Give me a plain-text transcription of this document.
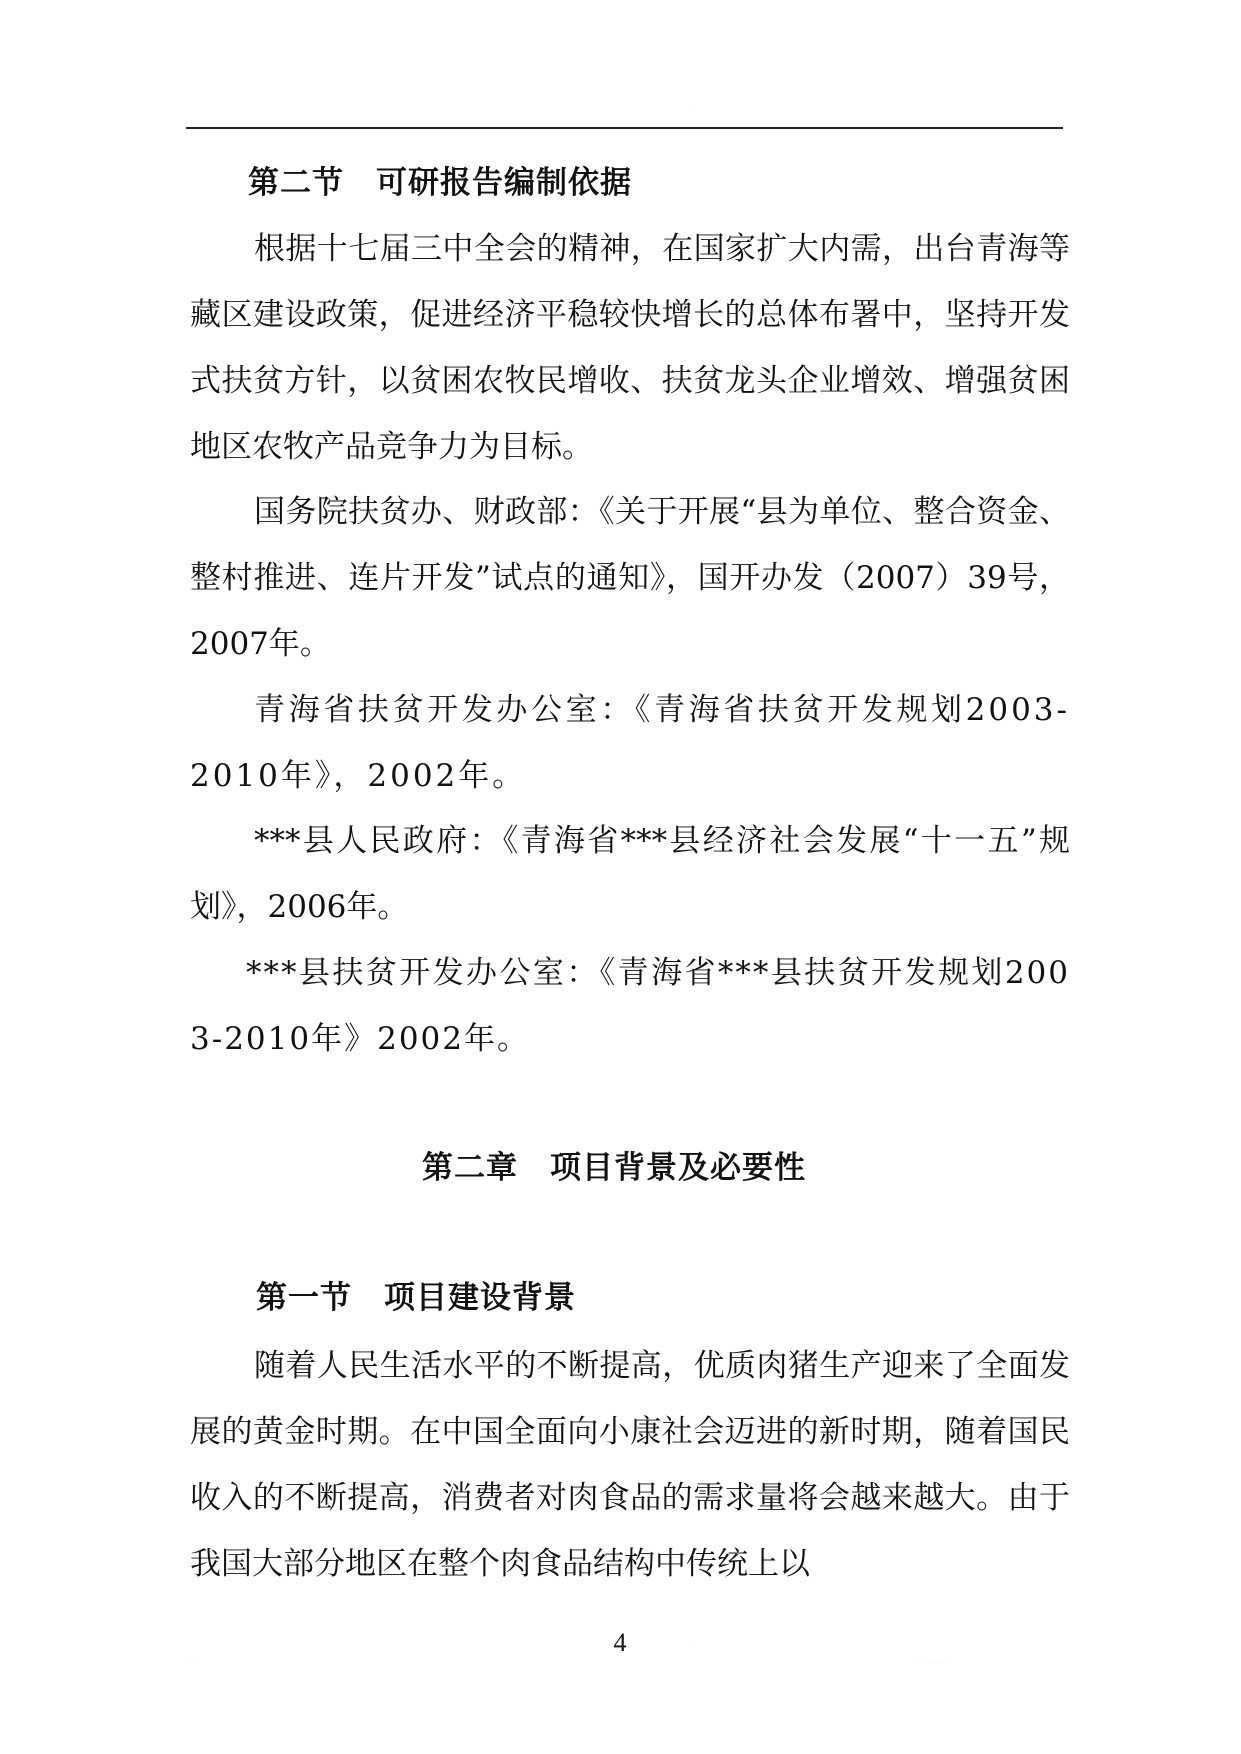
······
···
········································
第二节　可研报告编制依据

根据十七届三中全会的精神，在国家扩大内需，出台青海等藏区建设政策，促进经济平稳较快增长的总体布署中，坚持开发式扶贫方针，以贫困农牧民增收、扶贫龙头企业增效、增强贫困地区农牧产品竞争力为目标。

国务院扶贫办、财政部：《关于开展“县为单位、整合资金、整村推进、连片开发”试点的通知》，国开办发（2007）39号，2007年。

青海省扶贫开发办公室：《青海省扶贫开发规划2003-2010年》，2002年。

***县人民政府：《青海省***县经济社会发展“十一五”规划》，2006年。

***县扶贫开发办公室：《青海省***县扶贫开发规划2003-2010年》2002年。

第二章　项目背景及必要性
第一节　项目建设背景

随着人民生活水平的不断提高，优质肉猪生产迎来了全面发展的黄金时期。在中国全面向小康社会迈进的新时期，随着国民收入的不断提高，消费者对肉食品的需求量将会越来越大。由于我国大部分地区在整个肉食品结构中传统上以

4
····
···
········································
